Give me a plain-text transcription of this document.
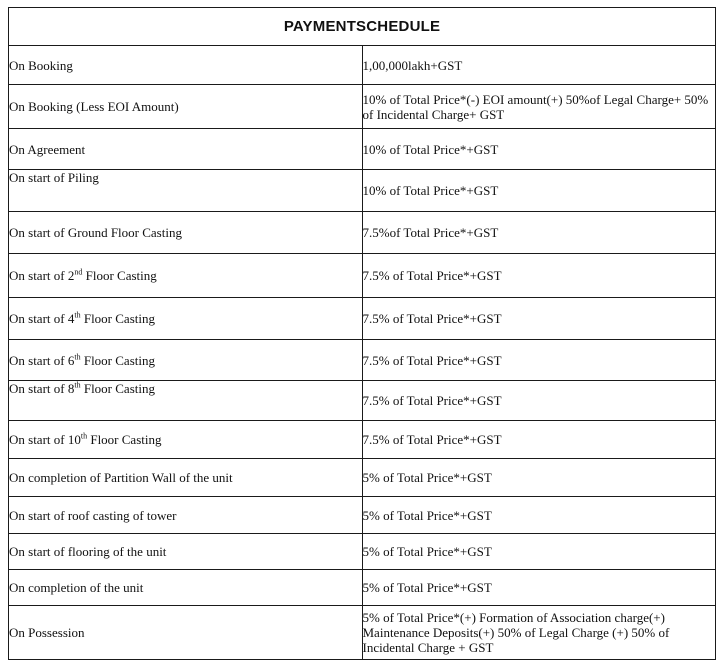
PAYMENTSCHEDULE	
On Booking	1,00,000lakh+GST
On Booking (Less EOI Amount)	10% of Total Price*(-) EOI amount(+) 50%of Legal Charge+ 50% of Incidental Charge+ GST
On Agreement	10% of Total Price*+GST
On start of Piling	10% of Total Price*+GST
On start of Ground Floor Casting	7.5%of Total Price*+GST
On start of 2nd Floor Casting	7.5% of Total Price*+GST
On start of 4th Floor Casting	7.5% of Total Price*+GST
On start of 6th Floor Casting	7.5% of Total Price*+GST
On start of 8th Floor Casting	7.5% of Total Price*+GST
On start of 10th Floor Casting	7.5% of Total Price*+GST
On completion of Partition Wall of the unit	5% of Total Price*+GST
On start of roof casting of tower	5% of Total Price*+GST
On start of flooring of the unit	5% of Total Price*+GST
On completion of the unit	5% of Total Price*+GST
On Possession	5% of Total Price*(+) Formation of Association charge(+) Maintenance Deposits(+) 50% of Legal Charge (+) 50% of Incidental Charge + GST
